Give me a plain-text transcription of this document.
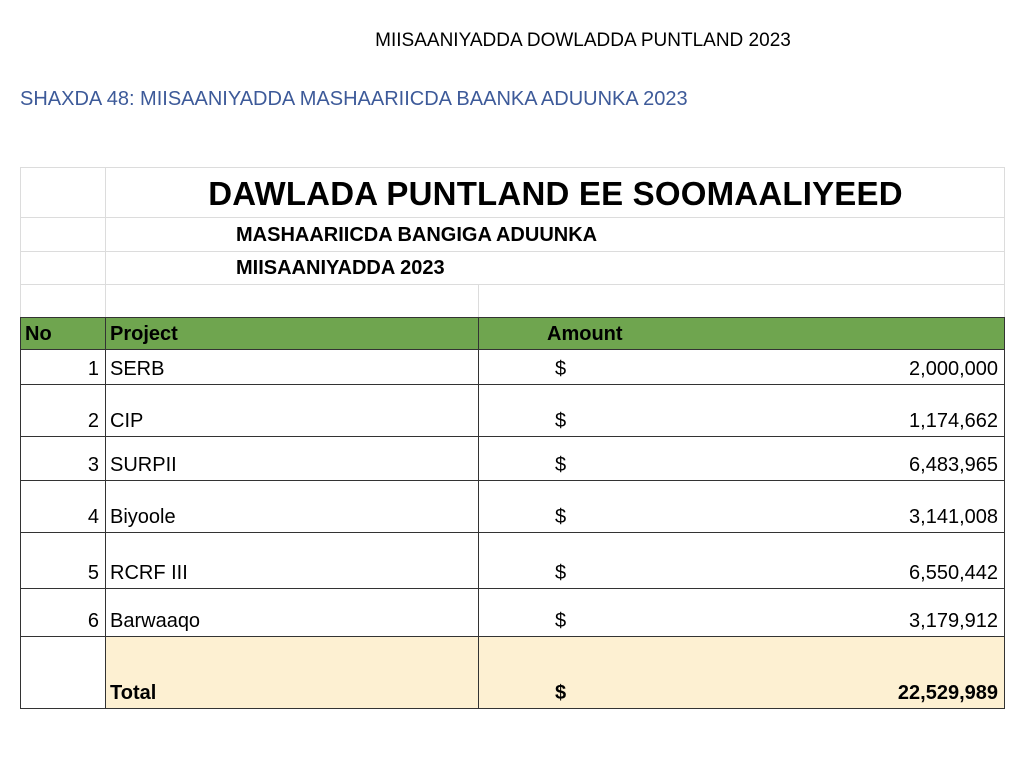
MIISAANIYADDA DOWLADDA PUNTLAND 2023
SHAXDA 48: MIISAANIYADDA MASHAARIICDA BAANKA ADUUNKA 2023
DAWLADA PUNTLAND EE SOOMAALIYEED
MASHAARIICDA BANGIGA ADUUNKA
MIISAANIYADDA 2023
No	Project	Amount
1	SERB	$ 2,000,000

2	CIP	$ 1,174,662

3	SURPII	$ 6,483,965

4	Biyoole	$ 3,141,008

5	RCRF III	$ 6,550,442

6	Barwaaqo	$ 3,179,912

	Total	$ 22,529,989
